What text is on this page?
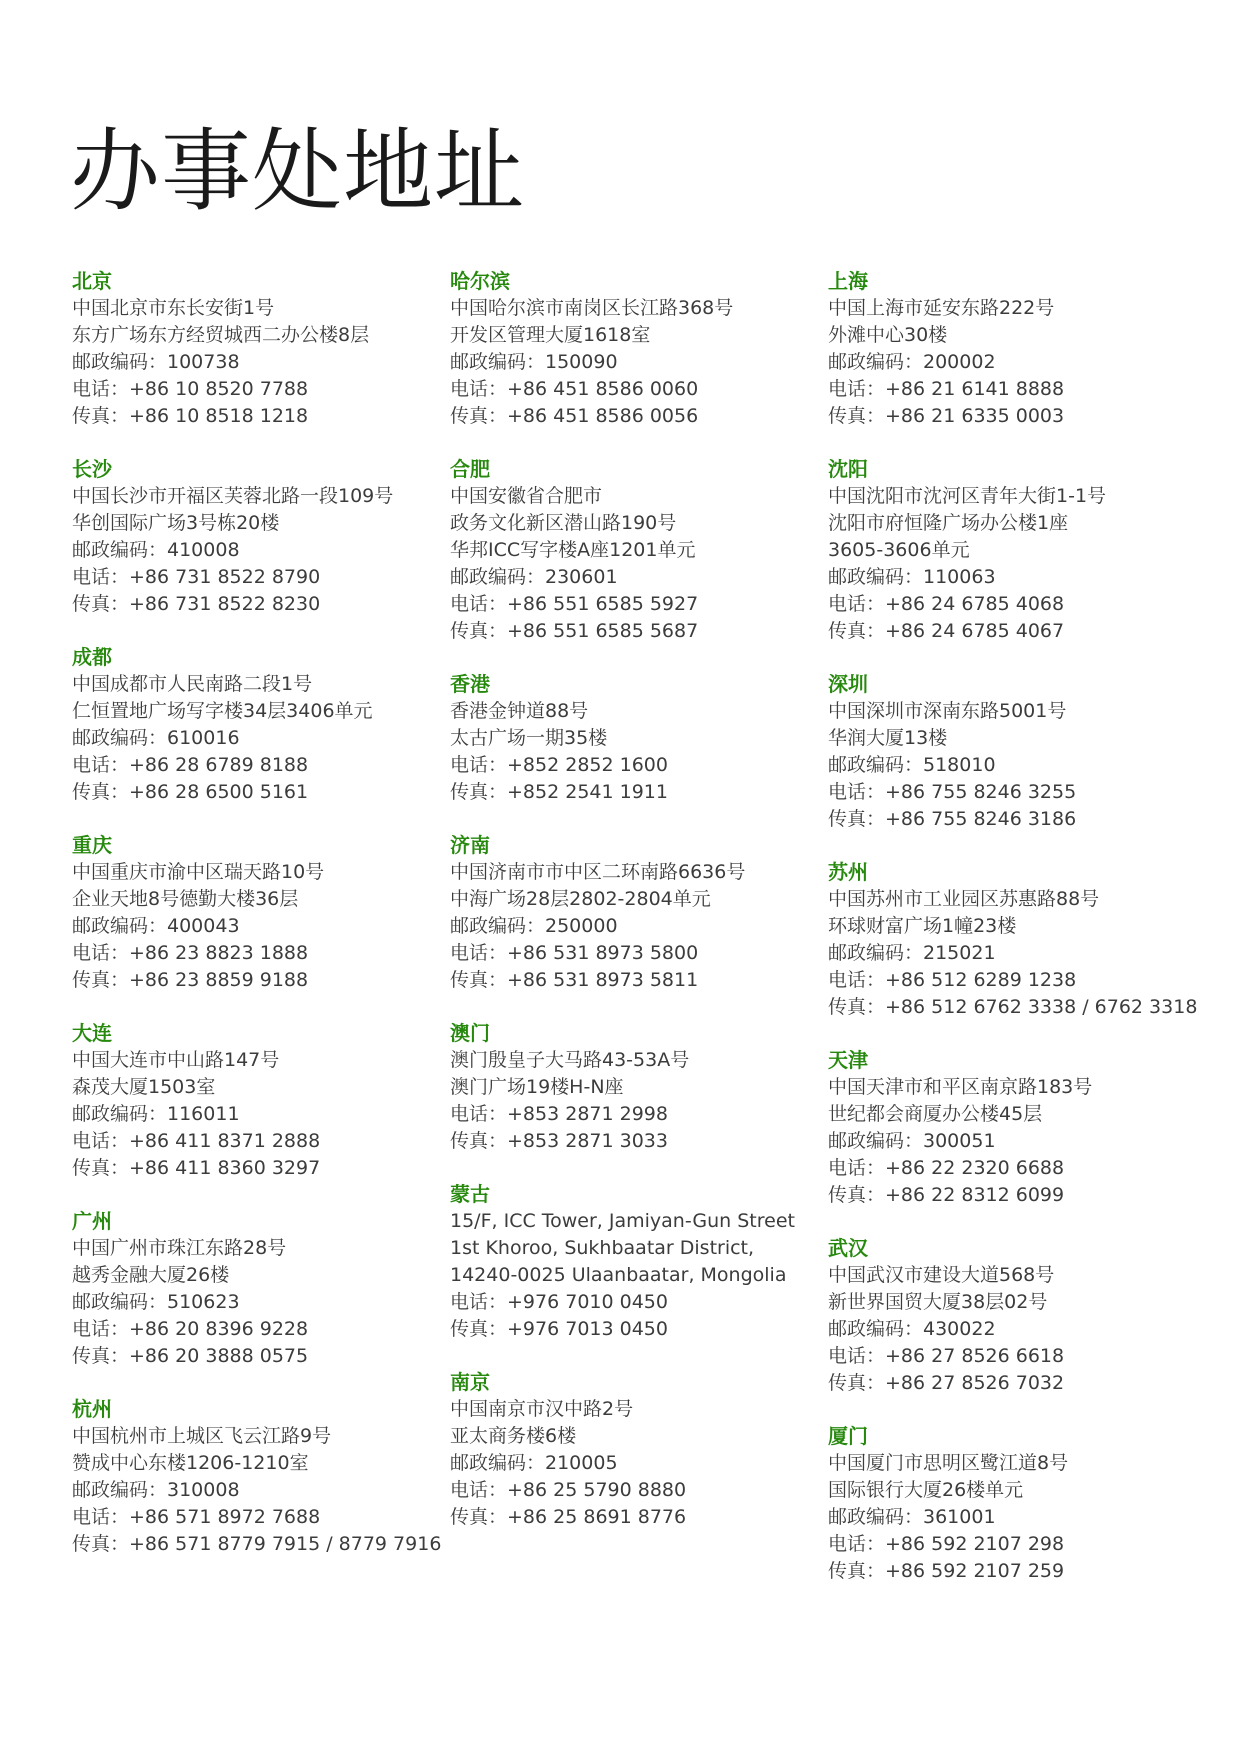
办事处地址

北京

中国北京市东长安街1号

东方广场东方经贸城西二办公楼8层

邮政编码：100738

电话：+86 10 8520 7788

传真：+86 10 8518 1218

长沙

中国长沙市开福区芙蓉北路一段109号

华创国际广场3号栋20楼

邮政编码：410008

电话：+86 731 8522 8790

传真：+86 731 8522 8230

成都

中国成都市人民南路二段1号

仁恒置地广场写字楼34层3406单元

邮政编码：610016

电话：+86 28 6789 8188

传真：+86 28 6500 5161

重庆

中国重庆市渝中区瑞天路10号

企业天地8号德勤大楼36层

邮政编码：400043

电话：+86 23 8823 1888

传真：+86 23 8859 9188

大连

中国大连市中山路147号

森茂大厦1503室

邮政编码：116011

电话：+86 411 8371 2888

传真：+86 411 8360 3297

广州

中国广州市珠江东路28号

越秀金融大厦26楼

邮政编码：510623

电话：+86 20 8396 9228

传真：+86 20 3888 0575

杭州

中国杭州市上城区飞云江路9号

赞成中心东楼1206-1210室

邮政编码：310008

电话：+86 571 8972 7688

传真：+86 571 8779 7915 / 8779 7916

哈尔滨

中国哈尔滨市南岗区长江路368号

开发区管理大厦1618室

邮政编码：150090

电话：+86 451 8586 0060

传真：+86 451 8586 0056

合肥

中国安徽省合肥市

政务文化新区潜山路190号

华邦ICC写字楼A座1201单元

邮政编码：230601

电话：+86 551 6585 5927

传真：+86 551 6585 5687

香港

香港金钟道88号

太古广场一期35楼

电话：+852 2852 1600

传真：+852 2541 1911

济南

中国济南市市中区二环南路6636号

中海广场28层2802-2804单元

邮政编码：250000

电话：+86 531 8973 5800

传真：+86 531 8973 5811

澳门

澳门殷皇子大马路43-53A号

澳门广场19楼H-N座

电话：+853 2871 2998

传真：+853 2871 3033

蒙古

15/F, ICC Tower, Jamiyan-Gun Street

1st Khoroo, Sukhbaatar District,

14240-0025 Ulaanbaatar, Mongolia

电话：+976 7010 0450

传真：+976 7013 0450

南京

中国南京市汉中路2号

亚太商务楼6楼

邮政编码：210005

电话：+86 25 5790 8880

传真：+86 25 8691 8776

上海

中国上海市延安东路222号

外滩中心30楼

邮政编码：200002

电话：+86 21 6141 8888

传真：+86 21 6335 0003

沈阳

中国沈阳市沈河区青年大街1-1号

沈阳市府恒隆广场办公楼1座

3605-3606单元

邮政编码：110063

电话：+86 24 6785 4068

传真：+86 24 6785 4067

深圳

中国深圳市深南东路5001号

华润大厦13楼

邮政编码：518010

电话：+86 755 8246 3255

传真：+86 755 8246 3186

苏州

中国苏州市工业园区苏惠路88号

环球财富广场1幢23楼

邮政编码：215021

电话：+86 512 6289 1238

传真：+86 512 6762 3338 / 6762 3318

天津

中国天津市和平区南京路183号

世纪都会商厦办公楼45层

邮政编码：300051

电话：+86 22 2320 6688

传真：+86 22 8312 6099

武汉

中国武汉市建设大道568号

新世界国贸大厦38层02号

邮政编码：430022

电话：+86 27 8526 6618

传真：+86 27 8526 7032

厦门

中国厦门市思明区鹭江道8号

国际银行大厦26楼单元

邮政编码：361001

电话：+86 592 2107 298

传真：+86 592 2107 259
